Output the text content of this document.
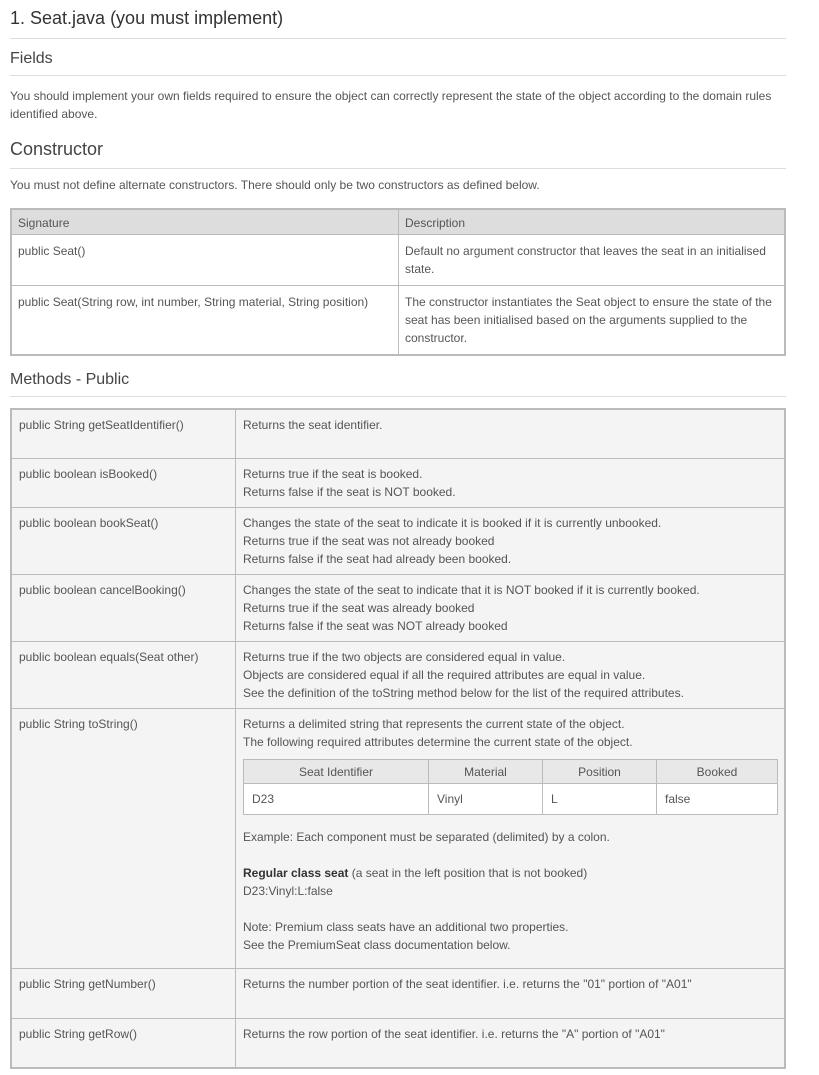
1. Seat.java (you must implement)
Fields

You should implement your own fields required to ensure the object can correctly represent the state of the object according to the domain rules identified above.

Constructor

You must not define alternate constructors. There should only be two constructors as defined below.

Signature	Description
public Seat()	Default no argument constructor that leaves the seat in an initialised state.
public Seat(String row, int number, String material, String position)	The constructor instantiates the Seat object to ensure the state of the seat has been initialised based on the arguments supplied to the constructor.
Methods - Public
public String getSeatIdentifier()	Returns the seat identifier.

public boolean isBooked()	Returns true if the seat is booked.
Returns false if the seat is NOT booked.

public boolean bookSeat()	Changes the state of the seat to indicate it is booked if it is currently unbooked.
Returns true if the seat was not already booked
Returns false if the seat had already been booked.

public boolean cancelBooking()	Changes the state of the seat to indicate that it is NOT booked if it is currently booked.
Returns true if the seat was already booked
Returns false if the seat was NOT already booked

public boolean equals(Seat other)	Returns true if the two objects are considered equal in value.
Objects are considered equal if all the required attributes are equal in value.
See the definition of the toString method below for the list of the required attributes.

public String toString()	Returns a delimited string that represents the current state of the object.
The following required attributes determine the current state of the object.
Seat Identifier	Material	Position	Booked
D23	Vinyl	L	false
Example: Each component must be separated (delimited) by a colon.
Regular class seat (a seat in the left position that is not booked)
D23:Vinyl:L:false
Note: Premium class seats have an additional two properties.
See the PremiumSeat class documentation below.

public String getNumber()	Returns the number portion of the seat identifier. i.e. returns the "01" portion of "A01"

public String getRow()	Returns the row portion of the seat identifier. i.e. returns the "A" portion of "A01"
